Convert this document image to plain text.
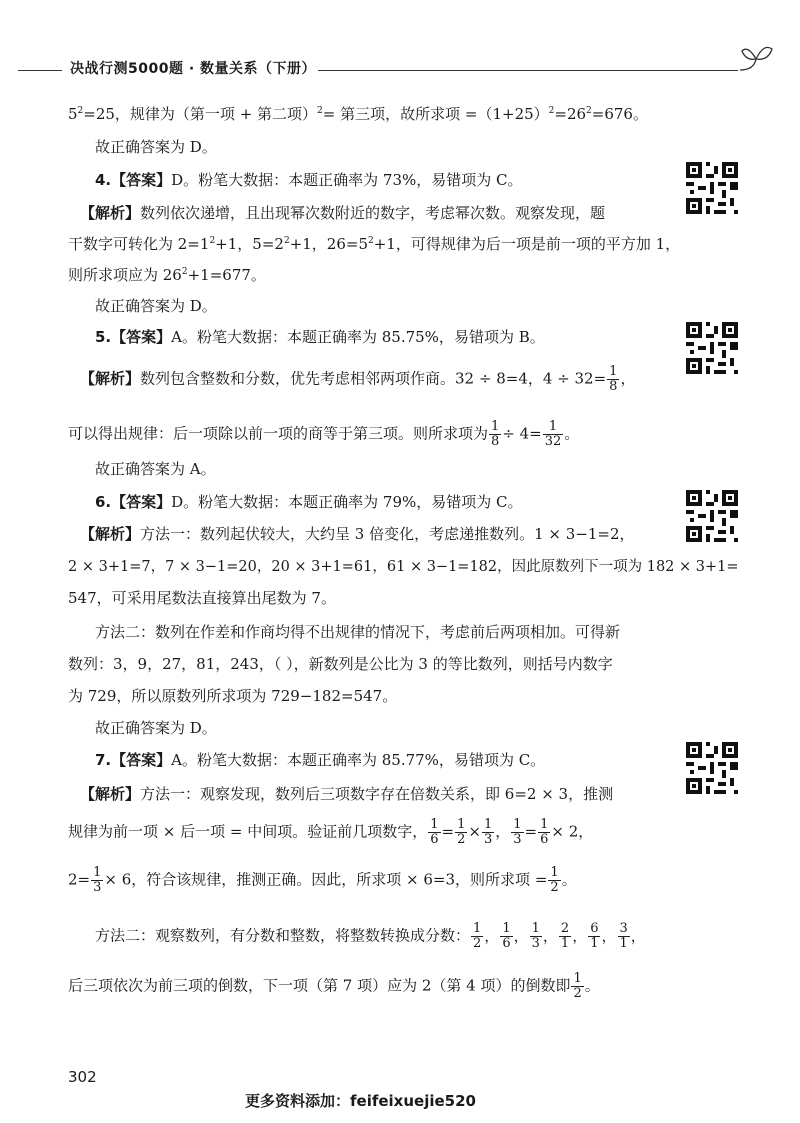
决战行测5000题 · 数量关系（下册）
$5^2=25$，规律为（第一项 + 第二项）$^2$= 第三项，故所求项 $=(1+25)^2=26^2=676$。
故正确答案为 D。
4.【答案】D。粉笔大数据：本题正确率为 73%，易错项为 C。
【解析】数列依次递增，且出现幂次数附近的数字，考虑幂次数。观察发现，题
干数字可转化为 $2=1^2+1$，$5=2^2+1$，$26=5^2+1$，可得规律为后一项是前一项的平方加 1，
则所求项应为 $26^2+1=677$。
故正确答案为 D。
5.【答案】A。粉笔大数据：本题正确率为 85.75%，易错项为 B。
【解析】数列包含整数和分数，优先考虑相邻两项作商。32 ÷ 8=4，$4 \div 32= \frac{1}{8}$ ，
可以得出规律：后一项除以前一项的商等于第三项。则所求项为 $\frac{1}{8} \div 4= \frac{1}{32}$ 。
故正确答案为 A。
6.【答案】D。粉笔大数据：本题正确率为 79%，易错项为 C。
【解析】方法一：数列起伏较大，大约呈 3 倍变化，考虑递推数列。1 × 3−1=2，
2 × 3+1=7，7 × 3−1=20，20 × 3+1=61，61 × 3−1=182，因此原数列下一项为 182 × 3+1=
547，可采用尾数法直接算出尾数为 7。
方法二：数列在作差和作商均得不出规律的情况下，考虑前后两项相加。可得新
数列：3，9，27，81，243，（ ），新数列是公比为 3 的等比数列，则括号内数字
为 729，所以原数列所求项为 729−182=547。
故正确答案为 D。
7.【答案】A。粉笔大数据：本题正确率为 85.77%，易错项为 C。
【解析】方法一：观察发现，数列后三项数字存在倍数关系，即 6=2 × 3，推测
规律为前一项 × 后一项 = 中间项。验证前几项数字， $\frac{1}{6} = \frac{1}{2} \times \frac{1}{3}$ ， $\frac{1}{3} = \frac{1}{6} \times 2$，
$2= \frac{1}{3} \times 6$，符合该规律，推测正确。因此，所求项 × 6=3，则所求项 = $\frac{1}{2}$ 。
方法二：观察数列，有分数和整数，将整数转换成分数： $\frac{1}{2}$ ， $\frac{1}{6}$ ， $\frac{1}{3}$ ， $\frac{2}{1}$ ， $\frac{6}{1}$ ， $\frac{3}{1}$ ，
后三项依次为前三项的倒数，下一项（第 7 项）应为 2（第 4 项）的倒数即 $\frac{1}{2}$ 。
302
更多资料添加：feifeixuejie520
